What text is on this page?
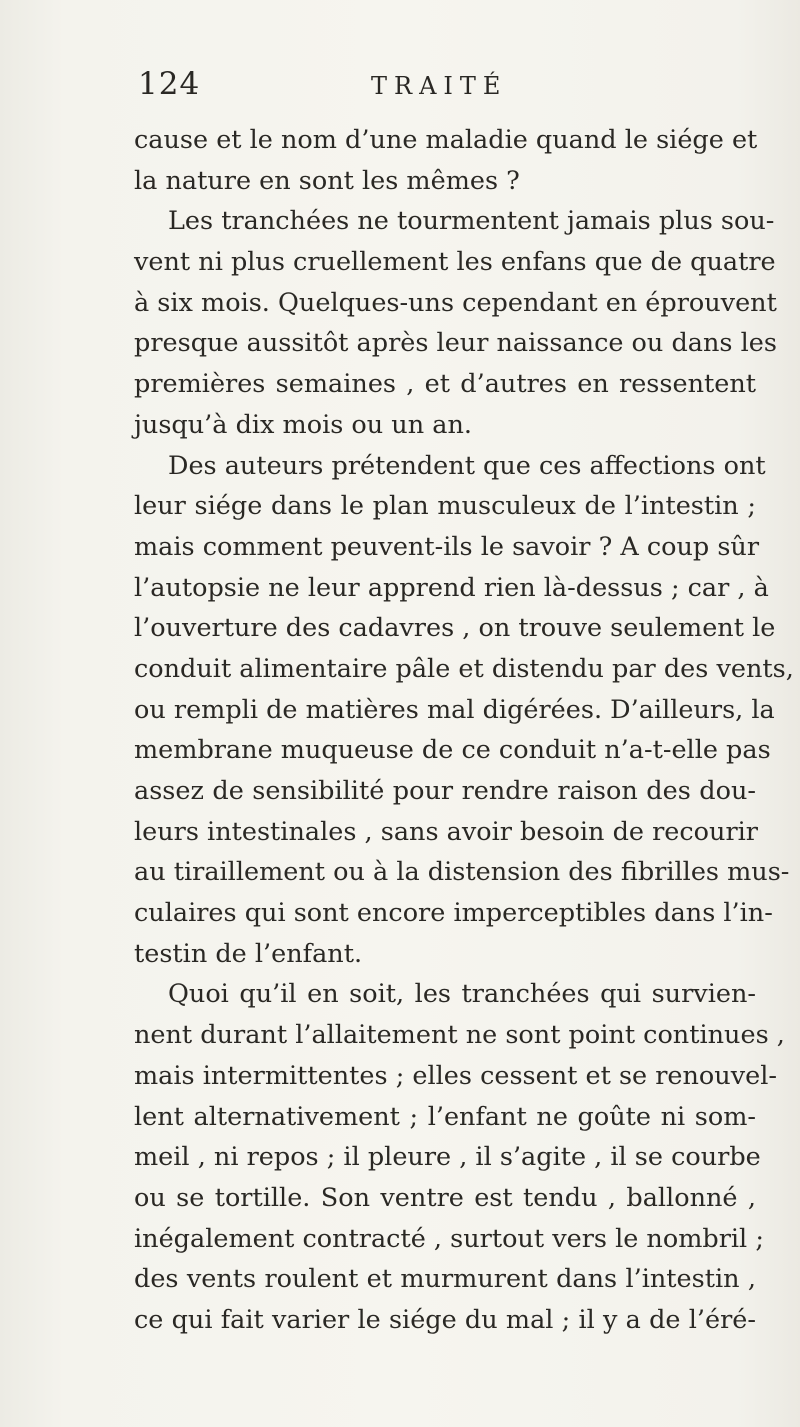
124	TRAITÉ
cause et le nom d’une maladie quand le siége et
la nature en sont les mêmes ?
Les tranchées ne tourmentent jamais plus sou-
vent ni plus cruellement les enfans que de quatre
à six mois. Quelques-uns cependant en éprouvent
presque aussitôt après leur naissance ou dans les
premières semaines , et d’autres en ressentent
jusqu’à dix mois ou un an.
Des auteurs prétendent que ces affections ont
leur siége dans le plan musculeux de l’intestin ;
mais comment peuvent-ils le savoir ? A coup sûr
l’autopsie ne leur apprend rien là-dessus ; car , à
l’ouverture des cadavres , on trouve seulement le
conduit alimentaire pâle et distendu par des vents,
ou rempli de matières mal digérées. D’ailleurs, la
membrane muqueuse de ce conduit n’a-t-elle pas
assez de sensibilité pour rendre raison des dou-
leurs intestinales , sans avoir besoin de recourir
au tiraillement ou à la distension des fibrilles mus-
culaires qui sont encore imperceptibles dans l’in-
testin de l’enfant.
Quoi qu’il en soit, les tranchées qui survien-
nent durant l’allaitement ne sont point continues ,
mais intermittentes ; elles cessent et se renouvel-
lent alternativement ; l’enfant ne goûte ni som-
meil , ni repos ; il pleure , il s’agite , il se courbe
ou se tortille. Son ventre est tendu , ballonné ,
inégalement contracté , surtout vers le nombril ;
des vents roulent et murmurent dans l’intestin ,
ce qui fait varier le siége du mal ; il y a de l’éré-
